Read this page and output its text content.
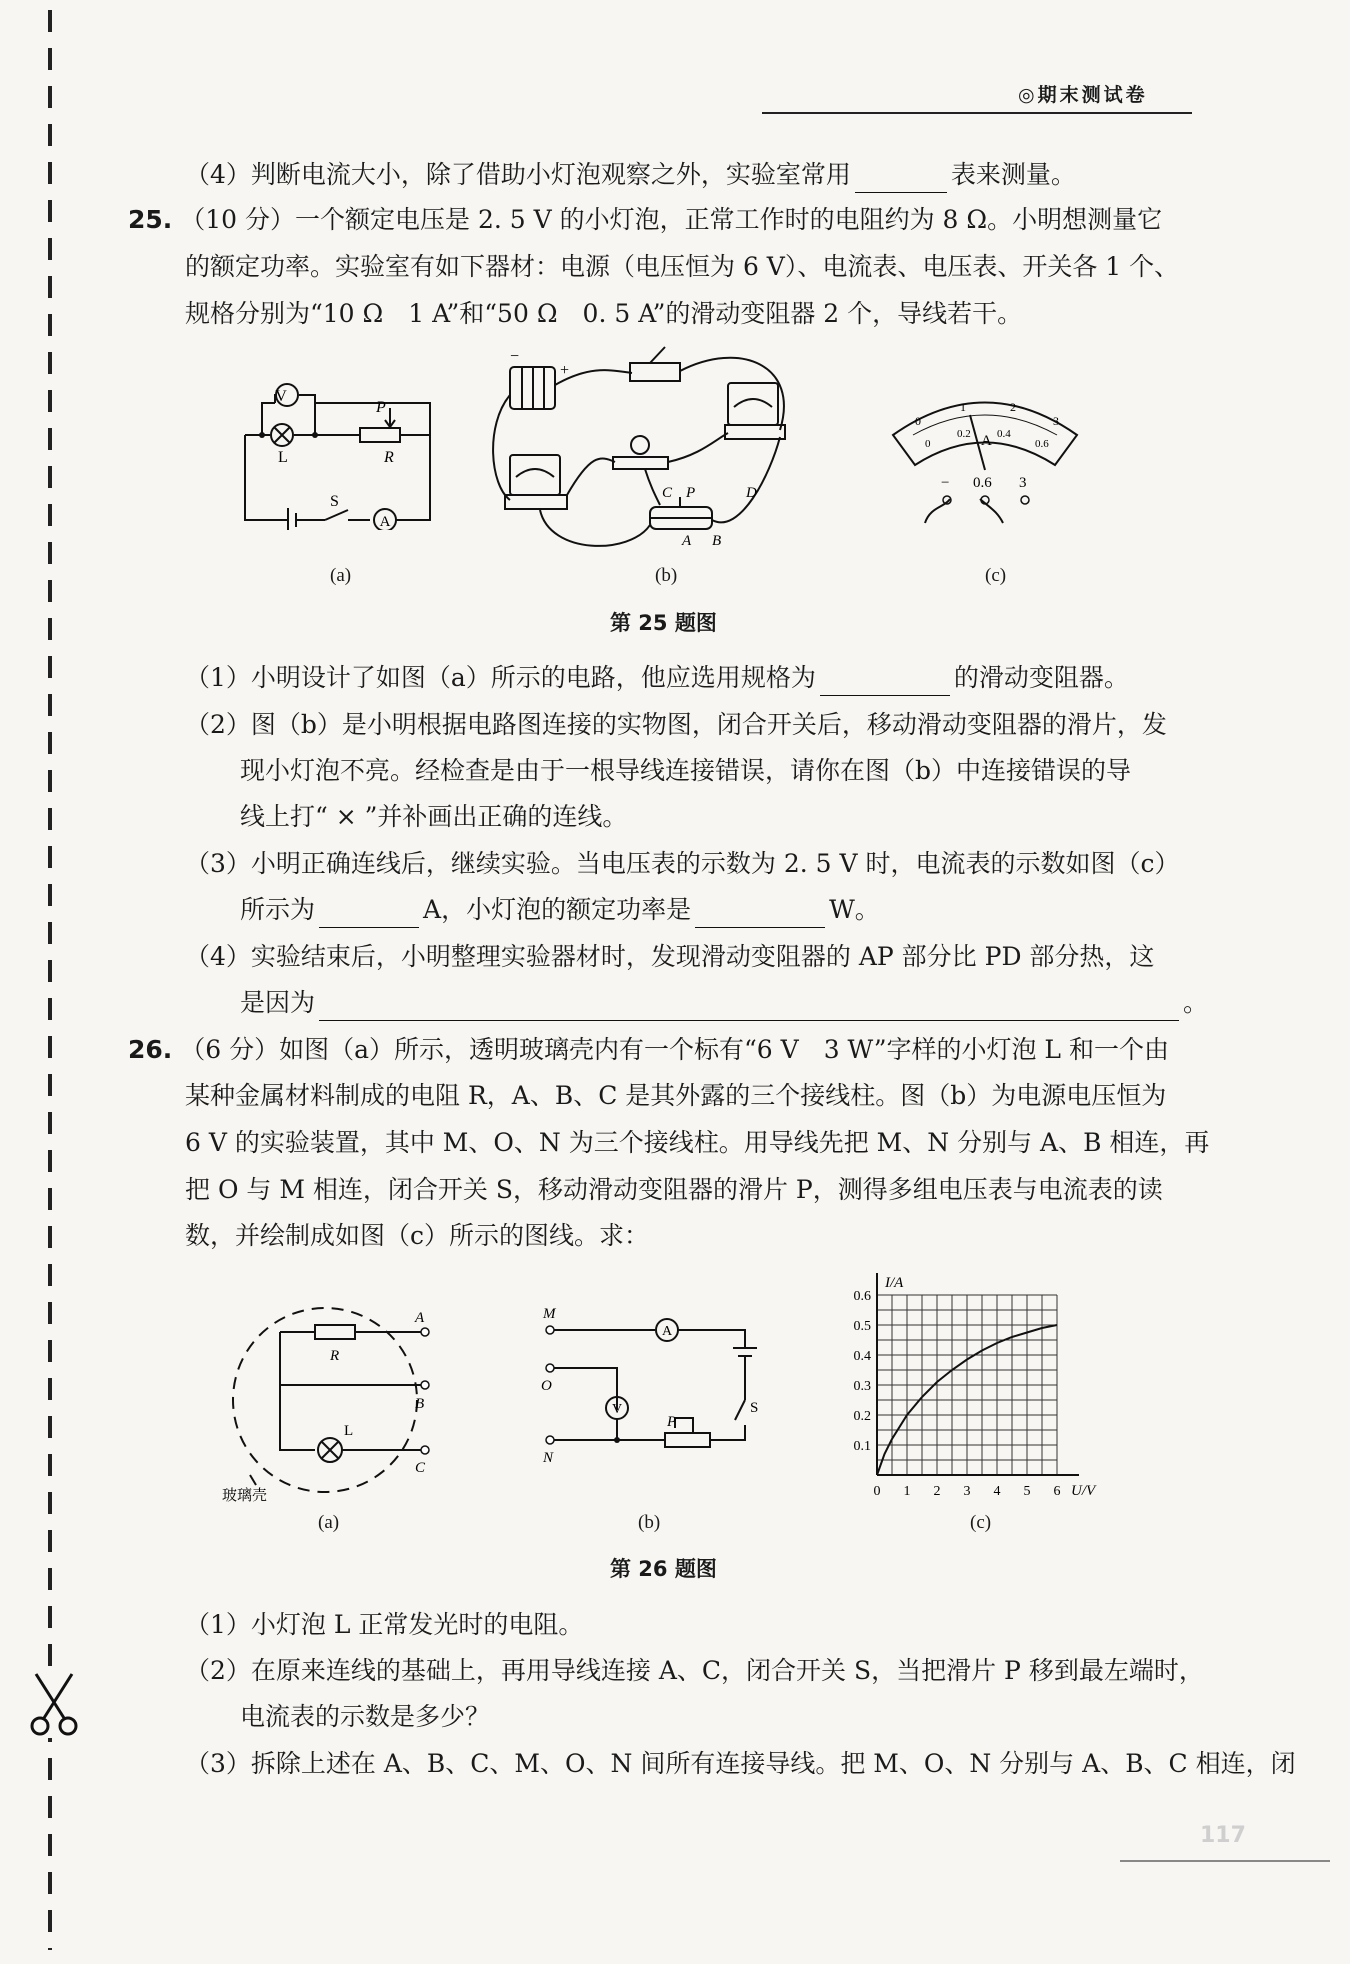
◎期末测试卷
（4）判断电流大小，除了借助小灯泡观察之外，实验室常用	表来测量。
25. （10 分）一个额定电压是 2. 5 V 的小灯泡，正常工作时的电阻约为 8 Ω。小明想测量它
的额定功率。实验室有如下器材：电源（电压恒为 6 V）、电流表、电压表、开关各 1 个、
规格分别为“10 Ω　1 A”和“50 Ω　0. 5 A”的滑动变阻器 2 个，导线若干。
V
L
P
R
S
A
−
+
C P	D
A B
0
1	2
3
0
0.2 0.4
0.6
A
− 0.6 3
(a)	(b)	(c)
第 25 题图
（1）小明设计了如图（a）所示的电路，他应选用规格为	的滑动变阻器。
（2）图（b）是小明根据电路图连接的实物图，闭合开关后，移动滑动变阻器的滑片，发
现小灯泡不亮。经检查是由于一根导线连接错误，请你在图（b）中连接错误的导
线上打“ × ”并补画出正确的连线。
（3）小明正确连线后，继续实验。当电压表的示数为 2. 5 V 时，电流表的示数如图（c）
所示为	A，小灯泡的额定功率是	W。
（4）实验结束后，小明整理实验器材时，发现滑动变阻器的 AP 部分比 PD 部分热，这
是因为	。
26. （6 分）如图（a）所示，透明玻璃壳内有一个标有“6 V　3 W”字样的小灯泡 L 和一个由
某种金属材料制成的电阻 R，A、B、C 是其外露的三个接线柱。图（b）为电源电压恒为
6 V 的实验装置，其中 M、O、N 为三个接线柱。用导线先把 M、N 分别与 A、B 相连，再
把 O 与 M 相连，闭合开关 S，移动滑动变阻器的滑片 P，测得多组电压表与电流表的读
数，并绘制成如图（c）所示的图线。求：
A
B
C
R
L
玻璃壳
M
O
N
A
V
P
S
0 1 2 3 4 5 6
0.1
0.2
0.3
0.4
0.5
0.6
U/V
I/A
(a)	(b)	(c)
第 26 题图
（1）小灯泡 L 正常发光时的电阻。
（2）在原来连线的基础上，再用导线连接 A、C，闭合开关 S，当把滑片 P 移到最左端时，
电流表的示数是多少？
（3）拆除上述在 A、B、C、M、O、N 间所有连接导线。把 M、O、N 分别与 A、B、C 相连，闭
117
